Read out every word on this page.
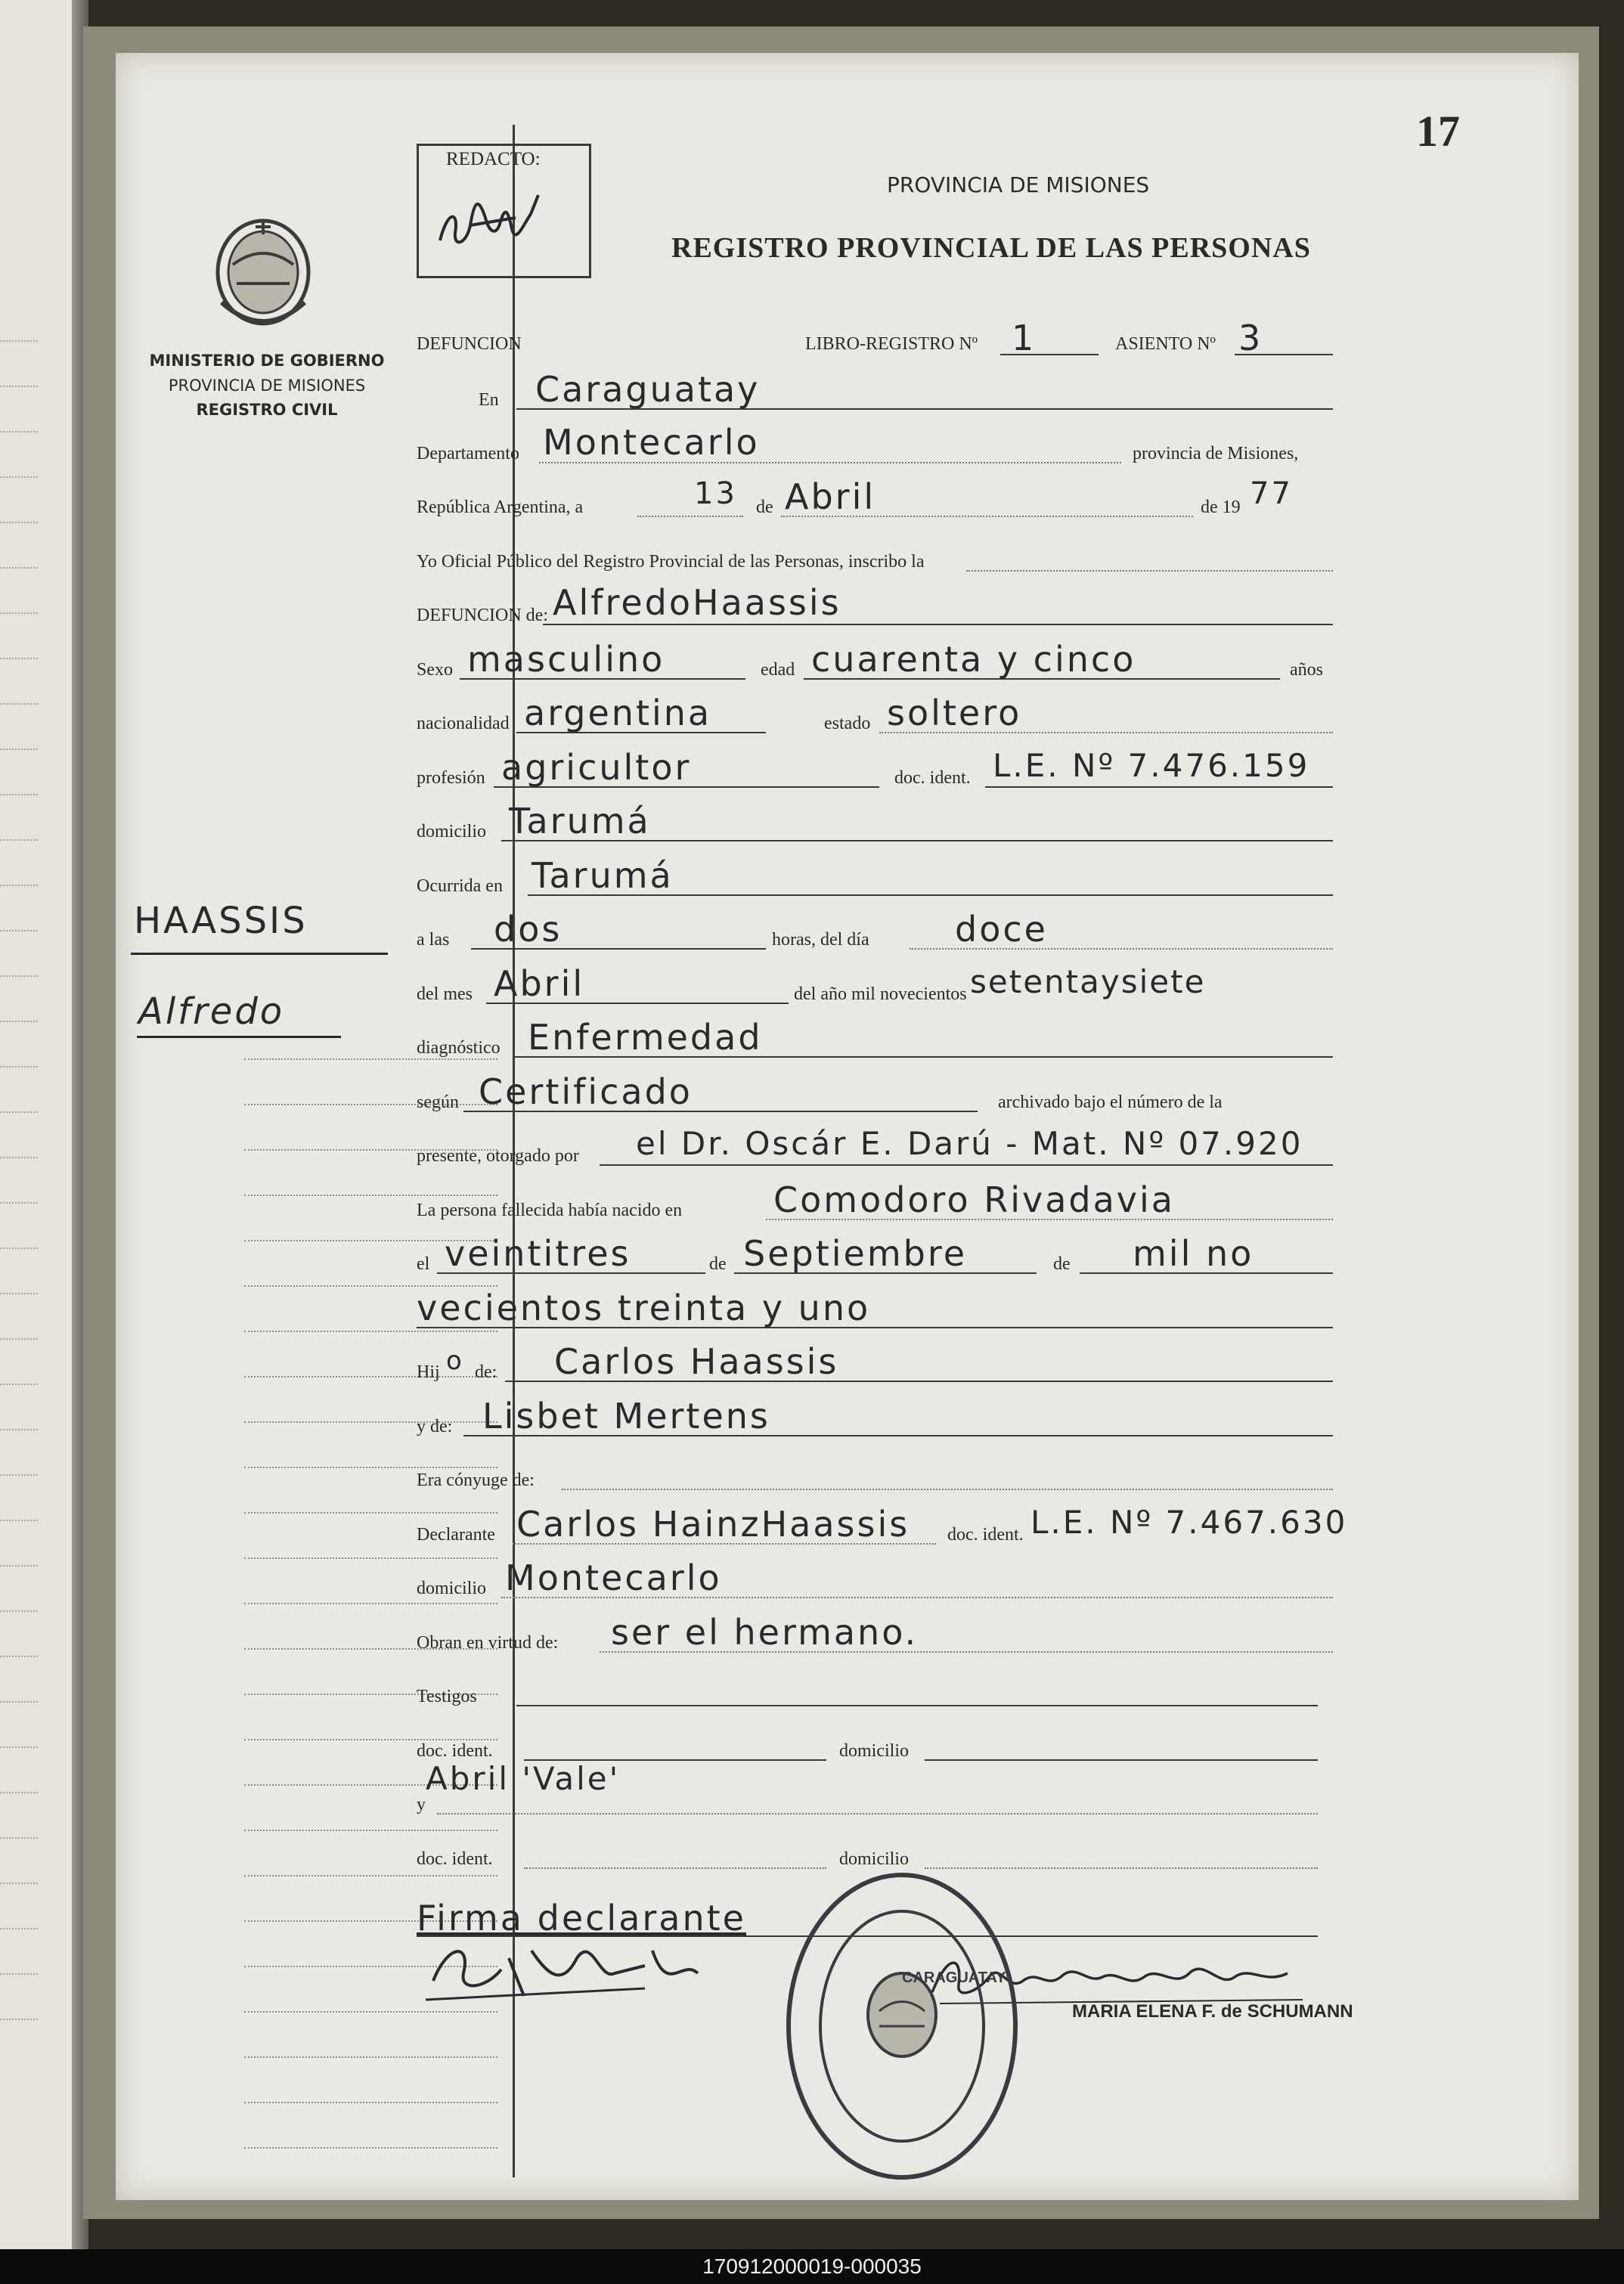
17
REDACTO:
PROVINCIA DE MISIONES
REGISTRO PROVINCIAL DE LAS PERSONAS
MINISTERIO DE GOBIERNO
PROVINCIA DE MISIONES
REGISTRO CIVIL
HAASSIS
Alfredo
DEFUNCION	LIBRO-REGISTRO Nº 1	ASIENTO Nº 3
En Caraguatay
Departamento Montecarlo	provincia de Misiones,
República Argentina, a	13 de Abril	de 19 77
Yo Oficial Público del Registro Provincial de las Personas, inscribo la
DEFUNCION de: AlfredoHaassis
Sexo masculino	edad cuarenta y cinco	años
nacionalidad argentina	estado soltero
profesión agricultor	doc. ident. L.E. Nº 7.476.159
domicilio Tarumá
Ocurrida en Tarumá
a las dos	horas, del día doce
del mes Abril	del año mil novecientos setentaysiete
diagnóstico Enfermedad
según Certificado	archivado bajo el número de la
presente, otorgado por el Dr. Oscár E. Darú - Mat. Nº 07.920
La persona fallecida había nacido en	Comodoro Rivadavia
el veintitres	de Septiembre	de mil no
vecientos treinta y uno
Hij o de: Carlos Haassis
y de: Lisbet Mertens
Era cónyuge de:
Declarante Carlos HainzHaassis doc. ident. L.E. Nº 7.467.630
domicilio Montecarlo
Obran en virtud de: ser el hermano.
Testigos
doc. ident.	domicilio
y
Abril 'Vale'
doc. ident.	domicilio
Firma declarante
MARIA ELENA F. de SCHUMANN
CARAGUATAY
170912000019-000035
